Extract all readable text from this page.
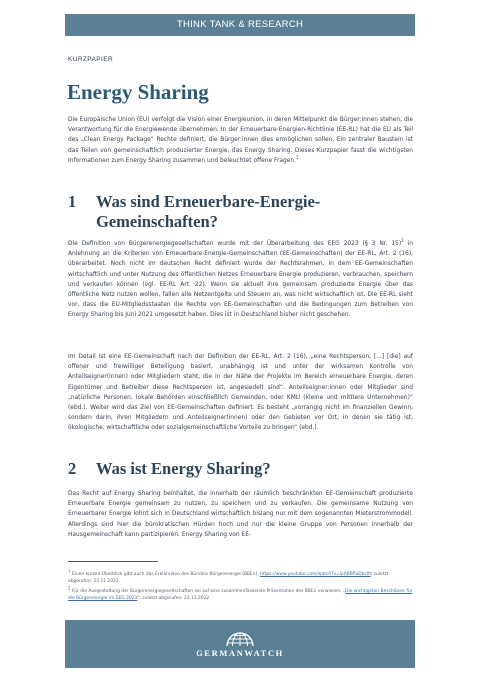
THINK TANK & RESEARCH
KURZPAPIER
Energy Sharing

Die Europäische Union (EU) verfolgt die Vision einer Energieunion, in deren Mittelpunkt die Bürger:innen stehen, die Verantwortung für die Energiewende übernehmen. In der Erneuerbare-Energien-Richtlinie (EE-RL) hat die EU als Teil des „Clean Energy Package“ Rechte definiert, die Bürger:innen dies ermöglichen sollen. Ein zentraler Baustein ist das Teilen von gemeinschaftlich produzierter Energie, das Energy Sharing. Dieses Kurzpapier fasst die wichtigsten Informationen zum Energy Sharing zusammen und beleuchtet offene Fragen.$^1$

1 Was sind Erneuerbare-Energie-Gemeinschaften?

Die Definition von Bürgerenergiegesellschaften wurde mit der Überarbeitung des EEG 2023 (§ 3 Nr. 15)$^2$ in Anlehnung an die Kriterien von Erneuerbare-Energie-Gemeinschaften (EE-Gemeinschaften) der EE-RL, Art. 2 (16), überarbeitet. Noch nicht im deutschen Recht definiert wurde der Rechtsrahmen, in dem EE-Gemeinschaften wirtschaftlich und unter Nutzung des öffentlichen Netzes Erneuerbare Energie produzieren, verbrauchen, speichern und verkaufen können (vgl. EE-RL Art. 22). Wenn sie aktuell ihre gemeinsam produzierte Energie über das öffentliche Netz nutzen wollen, fallen alle Netzentgelte und Steuern an, was nicht wirtschaftlich ist. Die EE-RL sieht vor, dass die EU-Mitgliedsstaaten die Rechte von EE-Gemeinschaften und die Bedingungen zum Betreiben von Energy Sharing bis Juni 2021 umgesetzt haben. Dies ist in Deutschland bisher nicht geschehen.

Im Detail ist eine EE-Gemeinschaft nach der Definition der EE-RL, Art. 2 (16), „eine Rechtsperson, [...] [die] auf offener und freiwilliger Beteiligung basiert, unabhängig ist und unter der wirksamen Kontrolle von Anteilseigner(innen) oder Mitgliedern steht, die in der Nähe der Projekte im Bereich erneuerbare Energie, deren Eigentümer und Betreiber diese Rechtsperson ist, angesiedelt sind“. Anteilseigner:innen oder Mitglieder sind „natürliche Personen, lokale Behörden einschließlich Gemeinden, oder KMU (kleine und mittlere Unternehmen)“ (ebd.). Weiter wird das Ziel von EE-Gemeinschaften definiert. Es besteht „vorrangig nicht im finanziellen Gewinn, sondern darin, ihren Mitgliedern und Anteilseigner(innen) oder den Gebieten vor Ort, in denen sie tätig ist, ökologische, wirtschaftliche oder sozialgemeinschaftliche Vorteile zu bringen“ (ebd.).

2 Was ist Energy Sharing?

Das Recht auf Energy Sharing beinhaltet, die innerhalb der räumlich beschränkten EE-Gemeinschaft produzierte Erneuerbare Energie gemeinsam zu nutzen, zu speichern und zu verkaufen. Die gemeinsame Nutzung von Erneuerbarer Energie lohnt sich in Deutschland wirtschaftlich bislang nur mit dem sogenannten Mieterstrommodell. Allerdings sind hier die bürokratischen Hürden hoch und nur die kleine Gruppe von Personen innerhalb der Hausgemeinschaft kann partizipieren. Energy Sharing von EE-

$^1$ Einen kurzen Überblick gibt auch das Erklärvideo des Bündnis Bürgerenergie (BBEn): https://www.youtube.com/watch?v=lpABBRaDbcM; zuletzt abgerufen: 23.11.2022.

$^2$ Für die Ausgestaltung der Bürgerenergiegesellschaften sei auf eine zusammenfassende Präsentation des BBEn verwiesen: „Die wichtigsten Beschlüsse für die Bürgerenergie im EEG 2023“; zuletzt abgerufen: 23.11.2022.

GERMANWATCH
